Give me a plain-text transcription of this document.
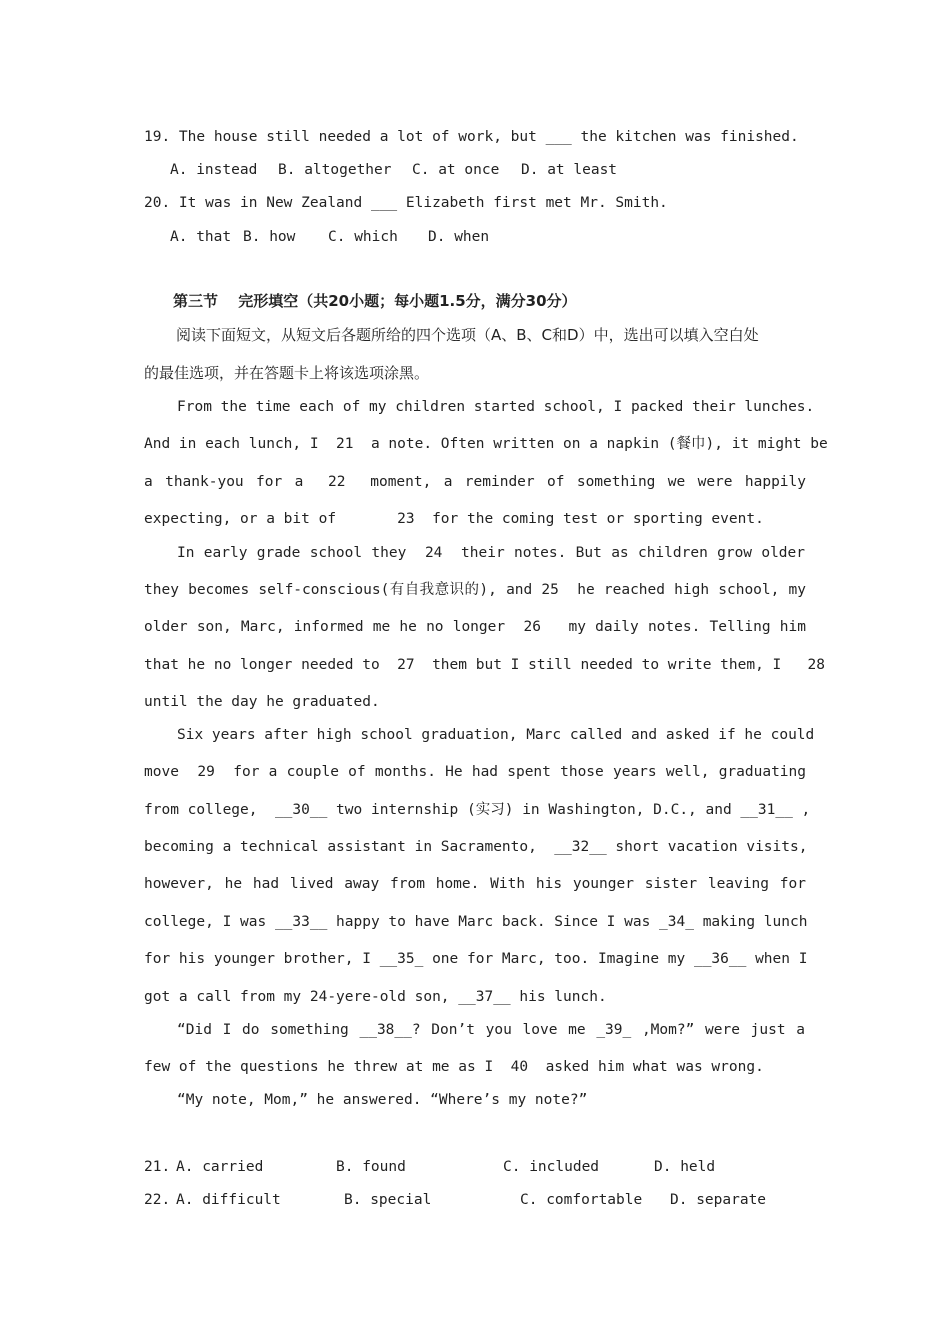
19. The house still needed a lot of work, but ___ the kitchen was finished.
A. instead B. altogether C. at once D. at least
20. It was in New Zealand ___ Elizabeth first met Mr. Smith.
A. that B. how C. which D. when
第三节　 完形填空（共20小题；每小题1.5分，满分30分）
阅读下面短文，从短文后各题所给的四个选项（A、B、C和D）中，选出可以填入空白处
的最佳选项，并在答题卡上将该选项涂黑。
From the time each of my children started school, I packed their lunches.
And in each lunch, I  21  a note. Often written on a napkin (餐巾), it might be
a thank-you for a  22  moment, a reminder of something we were happily
expecting, or a bit of       23  for the coming test or sporting event.
In early grade school they  24  their notes. But as children grow older
they becomes self-conscious(有自我意识的), and 25  he reached high school, my
older son, Marc, informed me he no longer  26   my daily notes. Telling him
that he no longer needed to  27  them but I still needed to write them, I   28
until the day he graduated.
Six years after high school graduation, Marc called and asked if he could
move  29  for a couple of months. He had spent those years well, graduating
from college,  __30__ two internship (实习) in Washington, D.C., and __31__ ,
becoming a technical assistant in Sacramento,  __32__ short vacation visits,
however, he had lived away from home. With his younger sister leaving for
college, I was __33__ happy to have Marc back. Since I was _34_ making lunch
for his younger brother, I __35_ one for Marc, too. Imagine my __36__ when I
got a call from my 24-yere-old son, __37__ his lunch.
“Did I do something __38__? Don’t you love me _39_ ,Mom?” were just a
few of the questions he threw at me as I  40  asked him what was wrong.
“My note, Mom,” he answered. “Where’s my note?”
21. A. carried	B. found	C. included	D. held
22. A. difficult	B. special	C. comfortable D. separate
